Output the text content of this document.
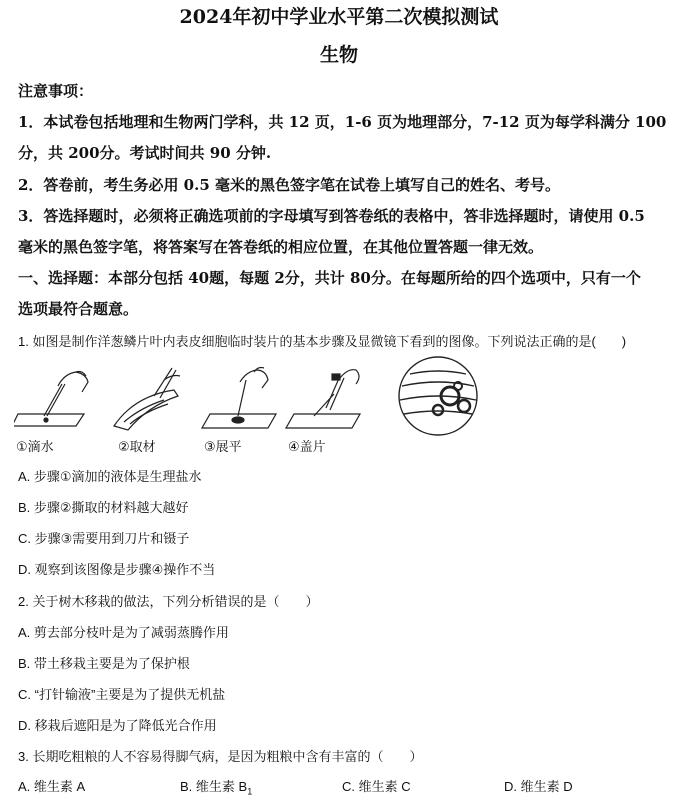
2024年初中学业水平第二次模拟测试
生物
注意事项：
1．本试卷包括地理和生物两门学科，共 12 页，1-6 页为地理部分，7-12 页为每学科满分 100
分，共 200分。考试时间共 90 分钟.
2．答卷前，考生务必用 0.5 毫米的黑色签字笔在试卷上填写自己的姓名、考号。
3．答选择题时，必须将正确选项前的字母填写到答卷纸的表格中，答非选择题时，请使用 0.5
毫米的黑色签字笔，将答案写在答卷纸的相应位置，在其他位置答题一律无效。
一、选择题：本部分包括 40题，每题 2分，共计 80分。在每题所给的四个选项中，只有一个
选项最符合题意。
1. 如图是制作洋葱鳞片叶内表皮细胞临时装片的基本步骤及显微镜下看到的图像。下列说法正确的是(　　)
①滴水	②取材	③展平	④盖片
A. 步骤①滴加的液体是生理盐水
B. 步骤②撕取的材料越大越好
C. 步骤③需要用到刀片和镊子
D. 观察到该图像是步骤④操作不当
2. 关于树木移栽的做法，下列分析错误的是（　　）
A. 剪去部分枝叶是为了减弱蒸腾作用
B. 带土移栽主要是为了保护根
C. “打针输液”主要是为了提供无机盐
D. 移栽后遮阳是为了降低光合作用
3. 长期吃粗粮的人不容易得脚气病，是因为粗粮中含有丰富的（　　）
A. 维生素 A	B. 维生素 $B_1$	C. 维生素 C	D. 维生素 D
